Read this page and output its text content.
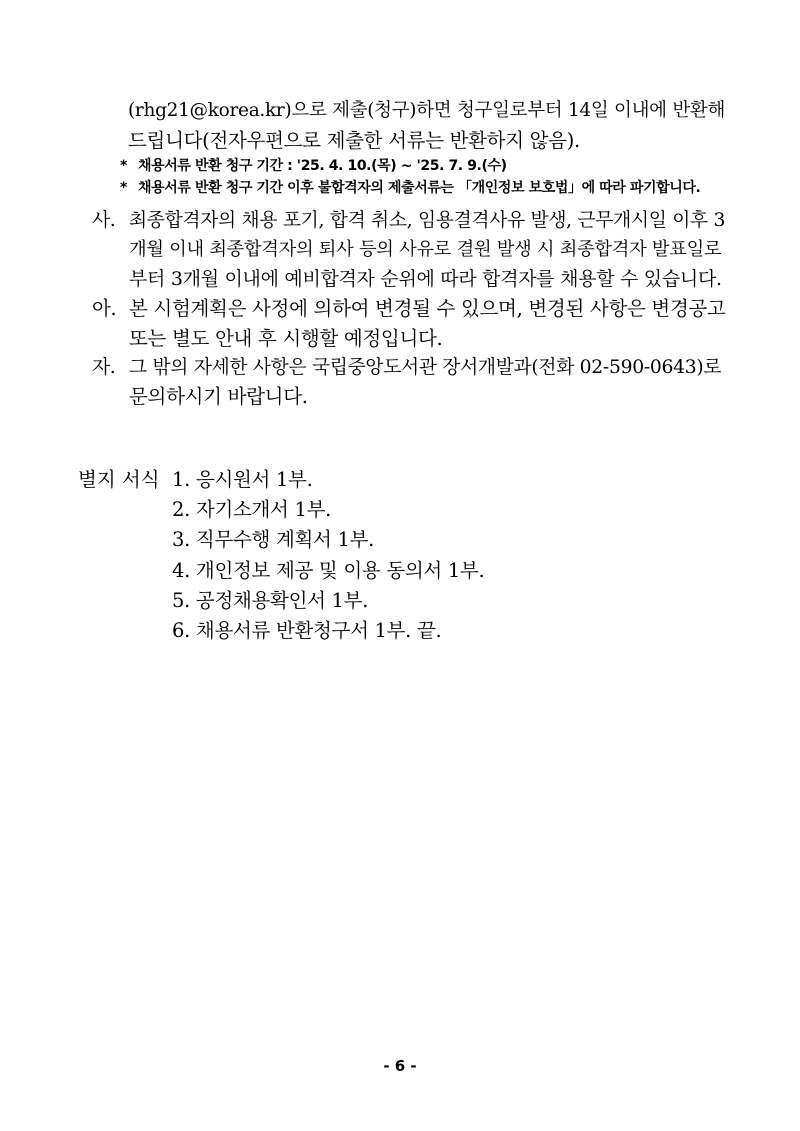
(rhg21@korea.kr)으로 제출(청구)하면 청구일로부터 14일 이내에 반환해
드립니다(전자우편으로 제출한 서류는 반환하지 않음).
* 채용서류 반환 청구 기간 : '25. 4. 10.(목) ~ '25. 7. 9.(수)
* 채용서류 반환 청구 기간 이후 불합격자의 제출서류는 「개인정보 보호법」에 따라 파기합니다.
사. 최종합격자의 채용 포기, 합격 취소, 임용결격사유 발생, 근무개시일 이후 3
개월 이내 최종합격자의 퇴사 등의 사유로 결원 발생 시 최종합격자 발표일로
부터 3개월 이내에 예비합격자 순위에 따라 합격자를 채용할 수 있습니다.
아. 본 시험계획은 사정에 의하여 변경될 수 있으며, 변경된 사항은 변경공고
또는 별도 안내 후 시행할 예정입니다.
자. 그 밖의 자세한 사항은 국립중앙도서관 장서개발과(전화 02-590-0643)로
문의하시기 바랍니다.
별지 서식 1. 응시원서 1부.
2. 자기소개서 1부.
3. 직무수행 계획서 1부.
4. 개인정보 제공 및 이용 동의서 1부.
5. 공정채용확인서 1부.
6. 채용서류 반환청구서 1부. 끝.
- 6 -
